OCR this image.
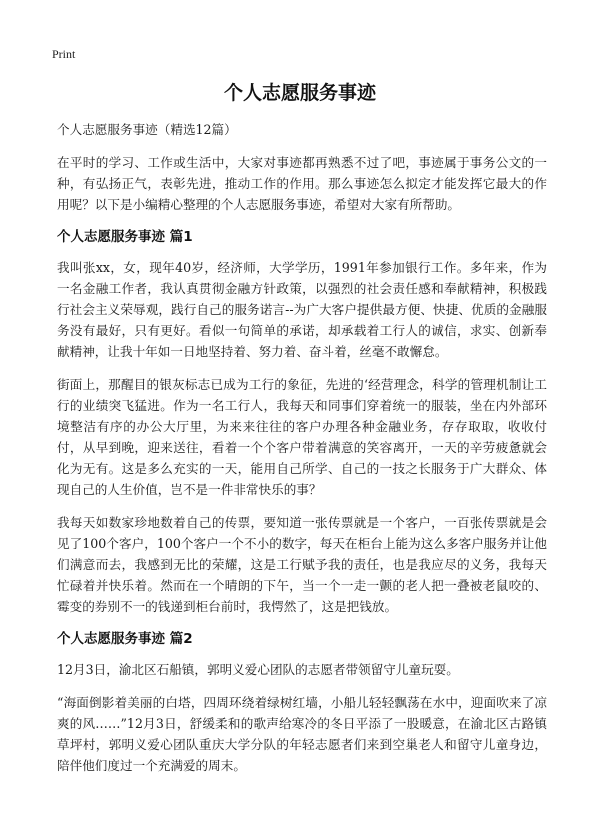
Print
个人志愿服务事迹

个人志愿服务事迹（精选12篇）

在平时的学习、工作或生活中，大家对事迹都再熟悉不过了吧，事迹属于事务公文的一种，有弘扬正气，表彰先进，推动工作的作用。那么事迹怎么拟定才能发挥它最大的作用呢？以下是小编精心整理的个人志愿服务事迹，希望对大家有所帮助。

个人志愿服务事迹 篇1

我叫张xx，女，现年40岁，经济师，大学学历，1991年参加银行工作。多年来，作为一名金融工作者，我认真贯彻金融方针政策，以强烈的社会责任感和奉献精神，积极践行社会主义荣辱观，践行自己的服务诺言--为广大客户提供最方便、快捷、优质的金融服务没有最好，只有更好。看似一句简单的承诺，却承载着工行人的诚信，求实、创新奉献精神，让我十年如一日地坚持着、努力着、奋斗着，丝毫不敢懈怠。

街面上，那醒目的银灰标志已成为工行的象征，先进的‘经营理念，科学的管理机制让工行的业绩突飞猛进。作为一名工行人，我每天和同事们穿着统一的服装，坐在内外部环境整洁有序的办公大厅里，为来来往往的客户办理各种金融业务，存存取取，收收付付，从早到晚，迎来送往，看着一个个客户带着满意的笑容离开，一天的辛劳疲惫就会化为无有。这是多么充实的一天，能用自己所学、自己的一技之长服务于广大群众、体现自己的人生价值，岂不是一件非常快乐的事？

我每天如数家珍地数着自己的传票，要知道一张传票就是一个客户，一百张传票就是会见了100个客户，100个客户一个不小的数字，每天在柜台上能为这么多客户服务并让他们满意而去，我感到无比的荣耀，这是工行赋予我的责任，也是我应尽的义务，我每天忙碌着并快乐着。然而在一个晴朗的下午，当一个一走一颤的老人把一叠被老鼠咬的、霉变的券别不一的钱递到柜台前时，我愕然了，这是把钱放。

个人志愿服务事迹 篇2

12月3日，渝北区石船镇，郭明义爱心团队的志愿者带领留守儿童玩耍。

“海面倒影着美丽的白塔，四周环绕着绿树红墙，小船儿轻轻飘荡在水中，迎面吹来了凉爽的风……”12月3日，舒缓柔和的歌声给寒冷的冬日平添了一股暖意，在渝北区古路镇草坪村，郭明义爱心团队重庆大学分队的年轻志愿者们来到空巢老人和留守儿童身边，陪伴他们度过一个充满爱的周末。
